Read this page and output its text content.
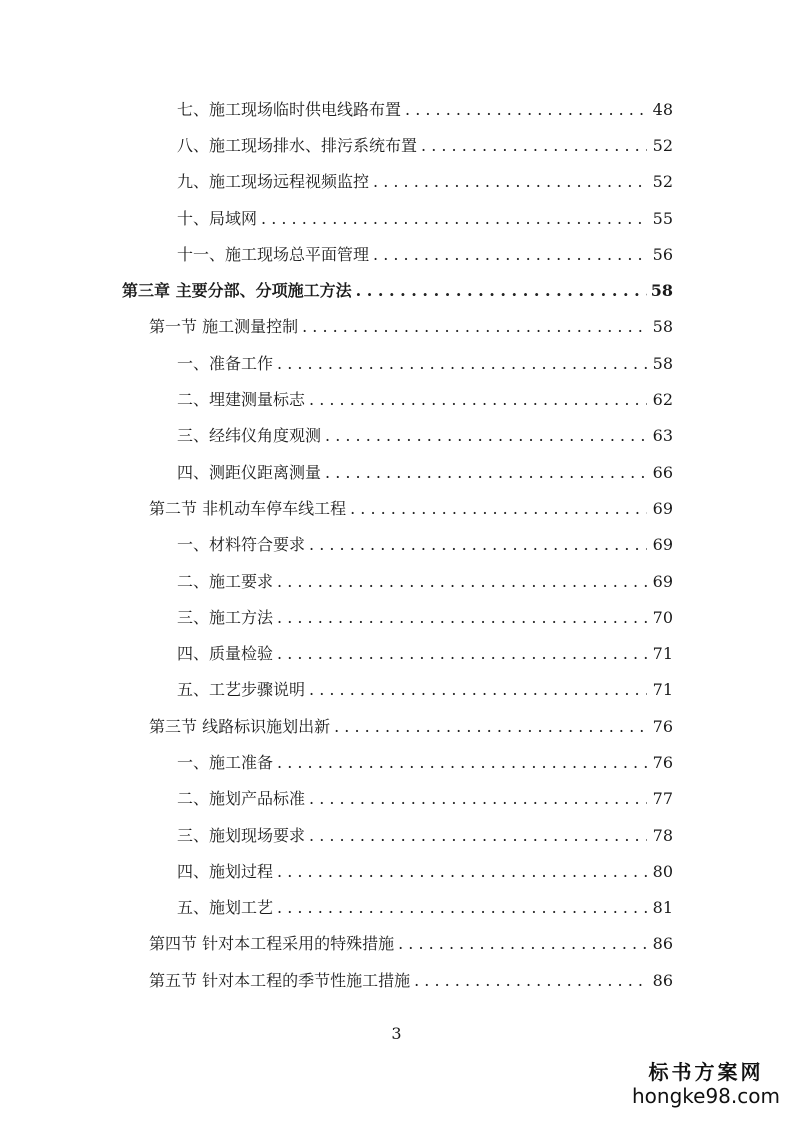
七、施工现场临时供电线路布置 . . .	48
八、施工现场排水、排污系统布置 . . .	52
九、施工现场远程视频监控 . . .	52
十、局域网 . . .	55
十一、施工现场总平面管理 . . .	56
第三章 主要分部、分项施工方法 . . .	58
第一节 施工测量控制 . . .	58
一、准备工作 . . .	58
二、埋建测量标志 . . .	62
三、经纬仪角度观测 . . .	63
四、测距仪距离测量 . . .	66
第二节 非机动车停车线工程 . . .	69
一、材料符合要求 . . .	69
二、施工要求 . . .	69
三、施工方法 . . .	70
四、质量检验 . . .	71
五、工艺步骤说明 . . .	71
第三节 线路标识施划出新 . . .	76
一、施工准备 . . .	76
二、施划产品标准 . . .	77
三、施划现场要求 . . .	78
四、施划过程 . . .	80
五、施划工艺 . . .	81
第四节 针对本工程采用的特殊措施 . . .	86
第五节 针对本工程的季节性施工措施 . . .	86
3
标书方案网
hongke98.com
